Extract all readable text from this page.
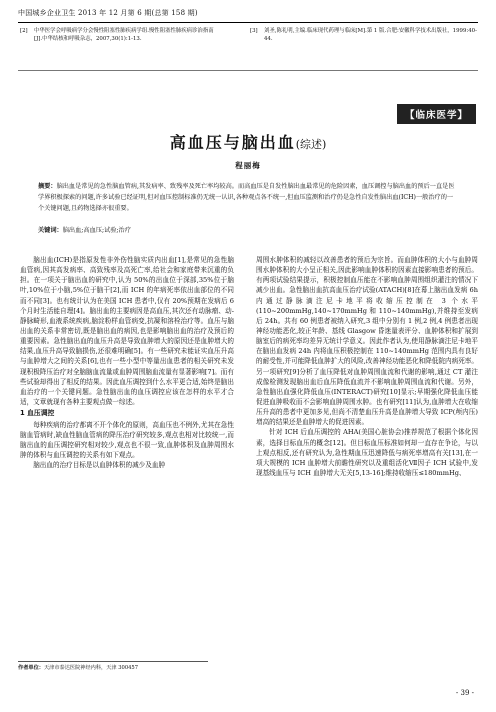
中国城乡企业卫生 2013 年 12 月第 6 期(总第 158 期)
[2]	中华医学会呼吸病学分会慢性阻塞性肺疾病学组.慢性阻塞性肺疾病诊治指南[J].中华结核和呼吸杂志，2007,30(1):1-13.
[3]	刘圣,陈礼明,主编.临床现代药理与临床[M].第 1 版.合肥:安徽科学技术出版社，1999:40-44.
【临床医学】
高血压与脑出血(综述)
程丽梅
摘要：脑出血是常见的急性脑血管病,其发病率、致残率及死亡率均较高。而高血压是自发性脑出血最常见的危险因素，血压调控与脑出血的预后一直是医学界积极探索的问题,许多试验已经证明,但对血压控制标准仍无统一认识,各种观点各不统一,但血压监测和治疗仍是急性自发性脑出血(ICH)一般治疗的一个关键问题,且药物选择亦很重要。
关键词：脑出血;高血压;试验;治疗

脑出血(ICH)是指原发性非外伤性脑实质内出血[1],是常见的急性脑血管病,因其高发病率、高致残率及高死亡率,给社会和家庭带来沉重的负担。在一项关于脑出血的研究中,认为 50%的出血位于深部,35%位于脑叶,10%位于小脑,5%位于脑干[2],而 ICH 的年病死率依出血部位的不同而不同[3]。也有统计认为在美国 ICH 患者中,仅有 20%预期在发病后 6 个月时生活能自理[4]。脑出血的主要病因是高血压,其次还有动脉瘤、动-静脉畸形,血液系统疾病,脑淀粉样血管病变,抗凝和溶栓治疗等。血压与脑出血的关系非常密切,既是脑出血的病因,也是影响脑出血的治疗及预后的重要因素。急性脑出血的血压升高是导致血肿增大的原因还是血肿增大的结果,血压升高导致脑损伤,还很难明确[5]。有一些研究未能证实血压升高与血肿增大之间的关系[6],也有一些小型中等量出血患者的相关研究未发现积极降压治疗对全脑脑血流量或血肿周围脑血流量有显著影响[7]。而有些试验却得出了相反的结果。因此血压调控到什么水平更合适,始终是脑出血治疗的一个关键问题。急性脑出血的血压调控应该在怎样的水平才合适，文章就现有各种主要观点做一综述。

1 血压调控

每种疾病的治疗都离不开个体化的原则，高血压也不例外,尤其在急性脑血管病时,缺血性脑血管病的降压治疗研究较多,观点也相对比较统一,而脑出血的血压调控研究相对较少,观点也不很一致,血肿体积及血肿周围水肿的体积与血压调控的关系有如下观点。

脑出血的治疗目标是以血肿体积的减少及血肿

周围水肿体积的减轻以改善患者的预后为宗旨。而血肿体积的大小与血肿周围水肿体积的大小呈正相关,因此影响血肿体积的因素直接影响患者的预后。有两项试验结果提示，积极控制血压能在不影响血肿周围组织灌注的情况下减少出血。急性脑出血抗高血压治疗试验(ATACH)[8]在幕上脑出血发病 6h 内通过静脉滴注尼卡地平将收缩压控制在 3 个水平(110~200mmHg,140~170mmHg 和 110~140mmHg),并维持至发病后 24h。共有 60 例患者被纳入研究,3 组中分别有 1 例,2 例,4 例患者出现神经功能恶化,较正年龄、基线 Glasgow 昏迷量表评分、血肿体积和扩展到脑室后的病死率均差异无统计学意义。因此作者认为,使用静脉滴注尼卡地平在脑出血发病 24h 内将血压积极控制在 110~140mmHg 范围内具有良好的耐受性,并可能降低血肿扩大的风险,改善神经功能恶化和降低院内病死率。另一项研究[9]分析了血压降低对血肿周围血流和代谢的影响,通过 CT 灌注成像检测发现脑出血后血压降低血流并不影响血肿周围血流和代谢。另外，急性脑出血强化降低血压(INTERACT)研究[10]显示;早期强化降低血压能促进血肿吸收而不会影响血肿周围水肿。也有研究[11]认为,血肿增大在收缩压升高的患者中更加多见,但尚不清楚血压升高是血肿增大导致 ICP(颅内压)增高的结果还是血肿增大的促进因素。

针对 ICH 后血压调控的 AHA(美国心脏协会)推荐规范了根据个体化因素，选择目标血压的概念[12]。但目标血压标准如何却一直存在争论，与以上观点相反,还有研究认为,急性期血压迅速降低与病死率增高有关[13],在一项大规模的 ICH 血肿增大前瞻性研究以及重组活化Ⅶ因子 ICH 试验中,发现基线血压与 ICH 血肿增大无关[5,13-16];维持收缩压≤180mmHg、

作者单位：天津市泰达医院神经内科，天津 300457
- 39 -
